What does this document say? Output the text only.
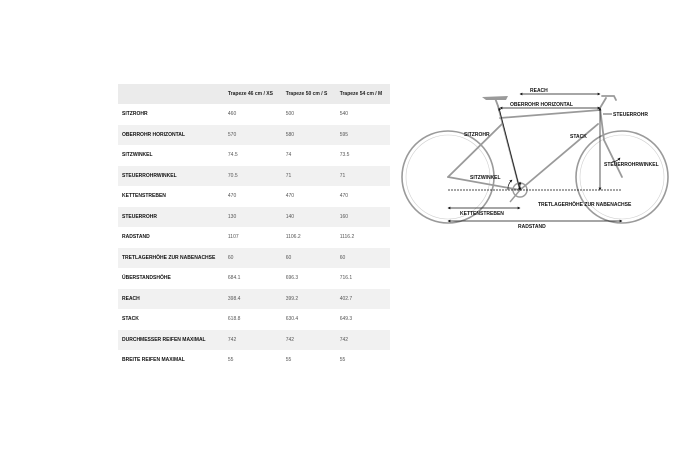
	Trapeze 46 cm / XS	Trapeze 50 cm / S	Trapeze 54 cm / M
SITZROHR	460	500	540
OBERROHR HORIZONTAL	570	580	595
SITZWINKEL	74.5	74	73.5
STEUERROHRWINKEL	70.5	71	71
KETTENSTREBEN	470	470	470
STEUERROHR	130	140	160
RADSTAND	1107	1106.2	1116.2
TRETLAGERHÖHE ZUR NABENACHSE	60	60	60
ÜBERSTANDSHÖHE	684.1	696.3	716.1
REACH	398.4	399.2	402.7
STACK	618.8	630.4	649.3
DURCHMESSER REIFEN MAXIMAL	742	742	742
BREITE REIFEN MAXIMAL	55	55	55
REACH
OBERROHR HORIZONTAL
SITZROHR	STACK
STEUERROHR
STEUERROHRWINKEL
SITZWINKEL
TRETLAGERHÖHE ZUR NABENACHSE
KETTENSTREBEN
RADSTAND
